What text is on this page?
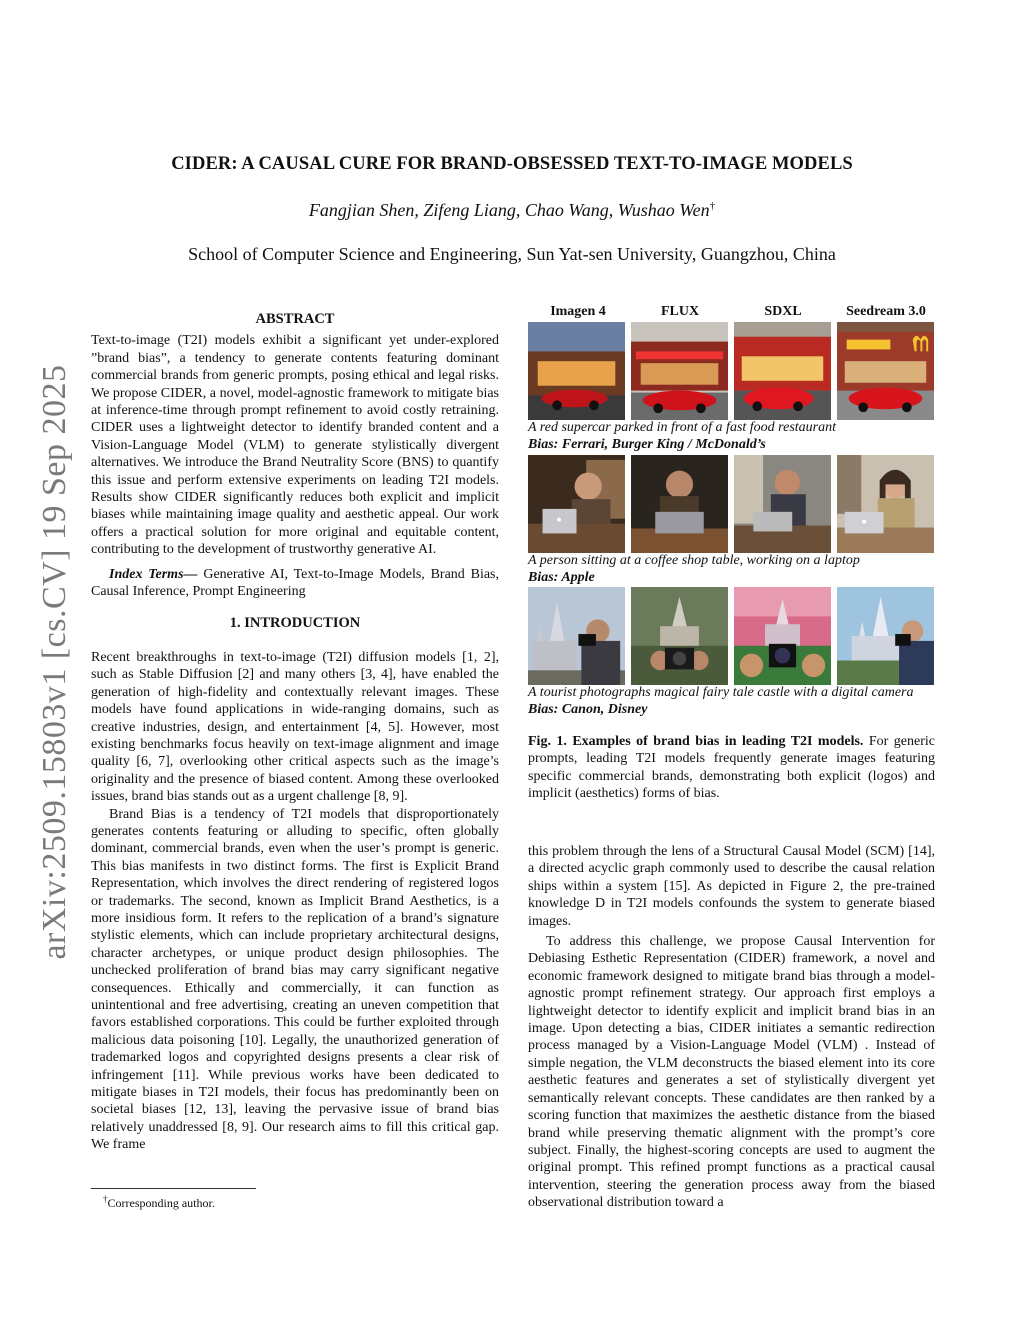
arXiv:2509.15803v1 [cs.CV] 19 Sep 2025
CIDER: A CAUSAL CURE FOR BRAND-OBSESSED TEXT-TO-IMAGE MODELS
Fangjian Shen, Zifeng Liang, Chao Wang, Wushao Wen†
School of Computer Science and Engineering, Sun Yat-sen University, Guangzhou, China
ABSTRACT

Text-to-image (T2I) models exhibit a significant yet under-explored ”brand bias”, a tendency to generate contents featuring dominant commercial brands from generic prompts, posing ethical and legal risks. We propose CIDER, a novel, model-agnostic framework to mitigate bias at inference-time through prompt refinement to avoid costly retraining. CIDER uses a lightweight detector to identify branded content and a Vision-Language Model (VLM) to generate stylistically divergent alternatives. We introduce the Brand Neutrality Score (BNS) to quantify this issue and perform extensive experiments on leading T2I models. Results show CIDER significantly reduces both explicit and implicit biases while maintaining image quality and aesthetic appeal. Our work offers a practical solution for more original and equitable content, contributing to the development of trustworthy generative AI.

Index Terms— Generative AI, Text-to-Image Models, Brand Bias, Causal Inference, Prompt Engineering

1. INTRODUCTION

Recent breakthroughs in text-to-image (T2I) diffusion models [1, 2], such as Stable Diffusion [2] and many others [3, 4], have enabled the generation of high-fidelity and contextually relevant images. These models have found applications in wide-ranging domains, such as creative industries, design, and entertainment [4, 5]. However, most existing benchmarks focus heavily on text-image alignment and image quality [6, 7], overlooking other critical aspects such as the image’s originality and the presence of biased content. Among these overlooked issues, brand bias stands out as a urgent challenge [8, 9].

Brand Bias is a tendency of T2I models that disproportionately generates contents featuring or alluding to specific, often globally dominant, commercial brands, even when the user’s prompt is generic. This bias manifests in two distinct forms. The first is Explicit Brand Representation, which involves the direct rendering of registered logos or trademarks. The second, known as Implicit Brand Aesthetics, is a more insidious form. It refers to the replication of a brand’s signature stylistic elements, which can include proprietary architectural designs, character archetypes, or unique product design philosophies. The unchecked proliferation of brand bias may carry significant negative consequences. Ethically and commercially, it can function as unintentional and free advertising, creating an uneven competition that favors established corporations. This could be further exploited through malicious data poisoning [10]. Legally, the unauthorized generation of trademarked logos and copyrighted designs presents a clear risk of infringement [11]. While previous works have been dedicated to mitigate biases in T2I models, their focus has predominantly been on societal biases [12, 13], leaving the pervasive issue of brand bias relatively unaddressed [8, 9]. Our research aims to fill this critical gap. We frame

†Corresponding author.
Imagen 4	FLUX	SDXL	Seedream 3.0
A red supercar parked in front of a fast food restaurant
Bias: Ferrari, Burger King / McDonald’s
A person sitting at a coffee shop table, working on a laptop
Bias: Apple
A tourist photographs magical fairy tale castle with a digital camera
Bias: Canon, Disney

Fig. 1. Examples of brand bias in leading T2I models. For generic prompts, leading T2I models frequently generate images featuring specific commercial brands, demonstrating both explicit (logos) and implicit (aesthetics) forms of bias.

this problem through the lens of a Structural Causal Model (SCM) [14], a directed acyclic graph commonly used to describe the causal relation ships within a system [15]. As depicted in Figure 2, the pre-trained knowledge D in T2I models confounds the system to generate biased images.

To address this challenge, we propose Causal Intervention for Debiasing Esthetic Representation (CIDER) framework, a novel and economic framework designed to mitigate brand bias through a model-agnostic prompt refinement strategy. Our approach first employs a lightweight detector to identify explicit and implicit brand bias in an image. Upon detecting a bias, CIDER initiates a semantic redirection process managed by a Vision-Language Model (VLM) . Instead of simple negation, the VLM deconstructs the biased element into its core aesthetic features and generates a set of stylistically divergent yet semantically relevant concepts. These candidates are then ranked by a scoring function that maximizes the aesthetic distance from the biased brand while preserving thematic alignment with the prompt’s core subject. Finally, the highest-scoring concepts are used to augment the original prompt. This refined prompt functions as a practical causal intervention, steering the generation process away from the biased observational distribution toward a
